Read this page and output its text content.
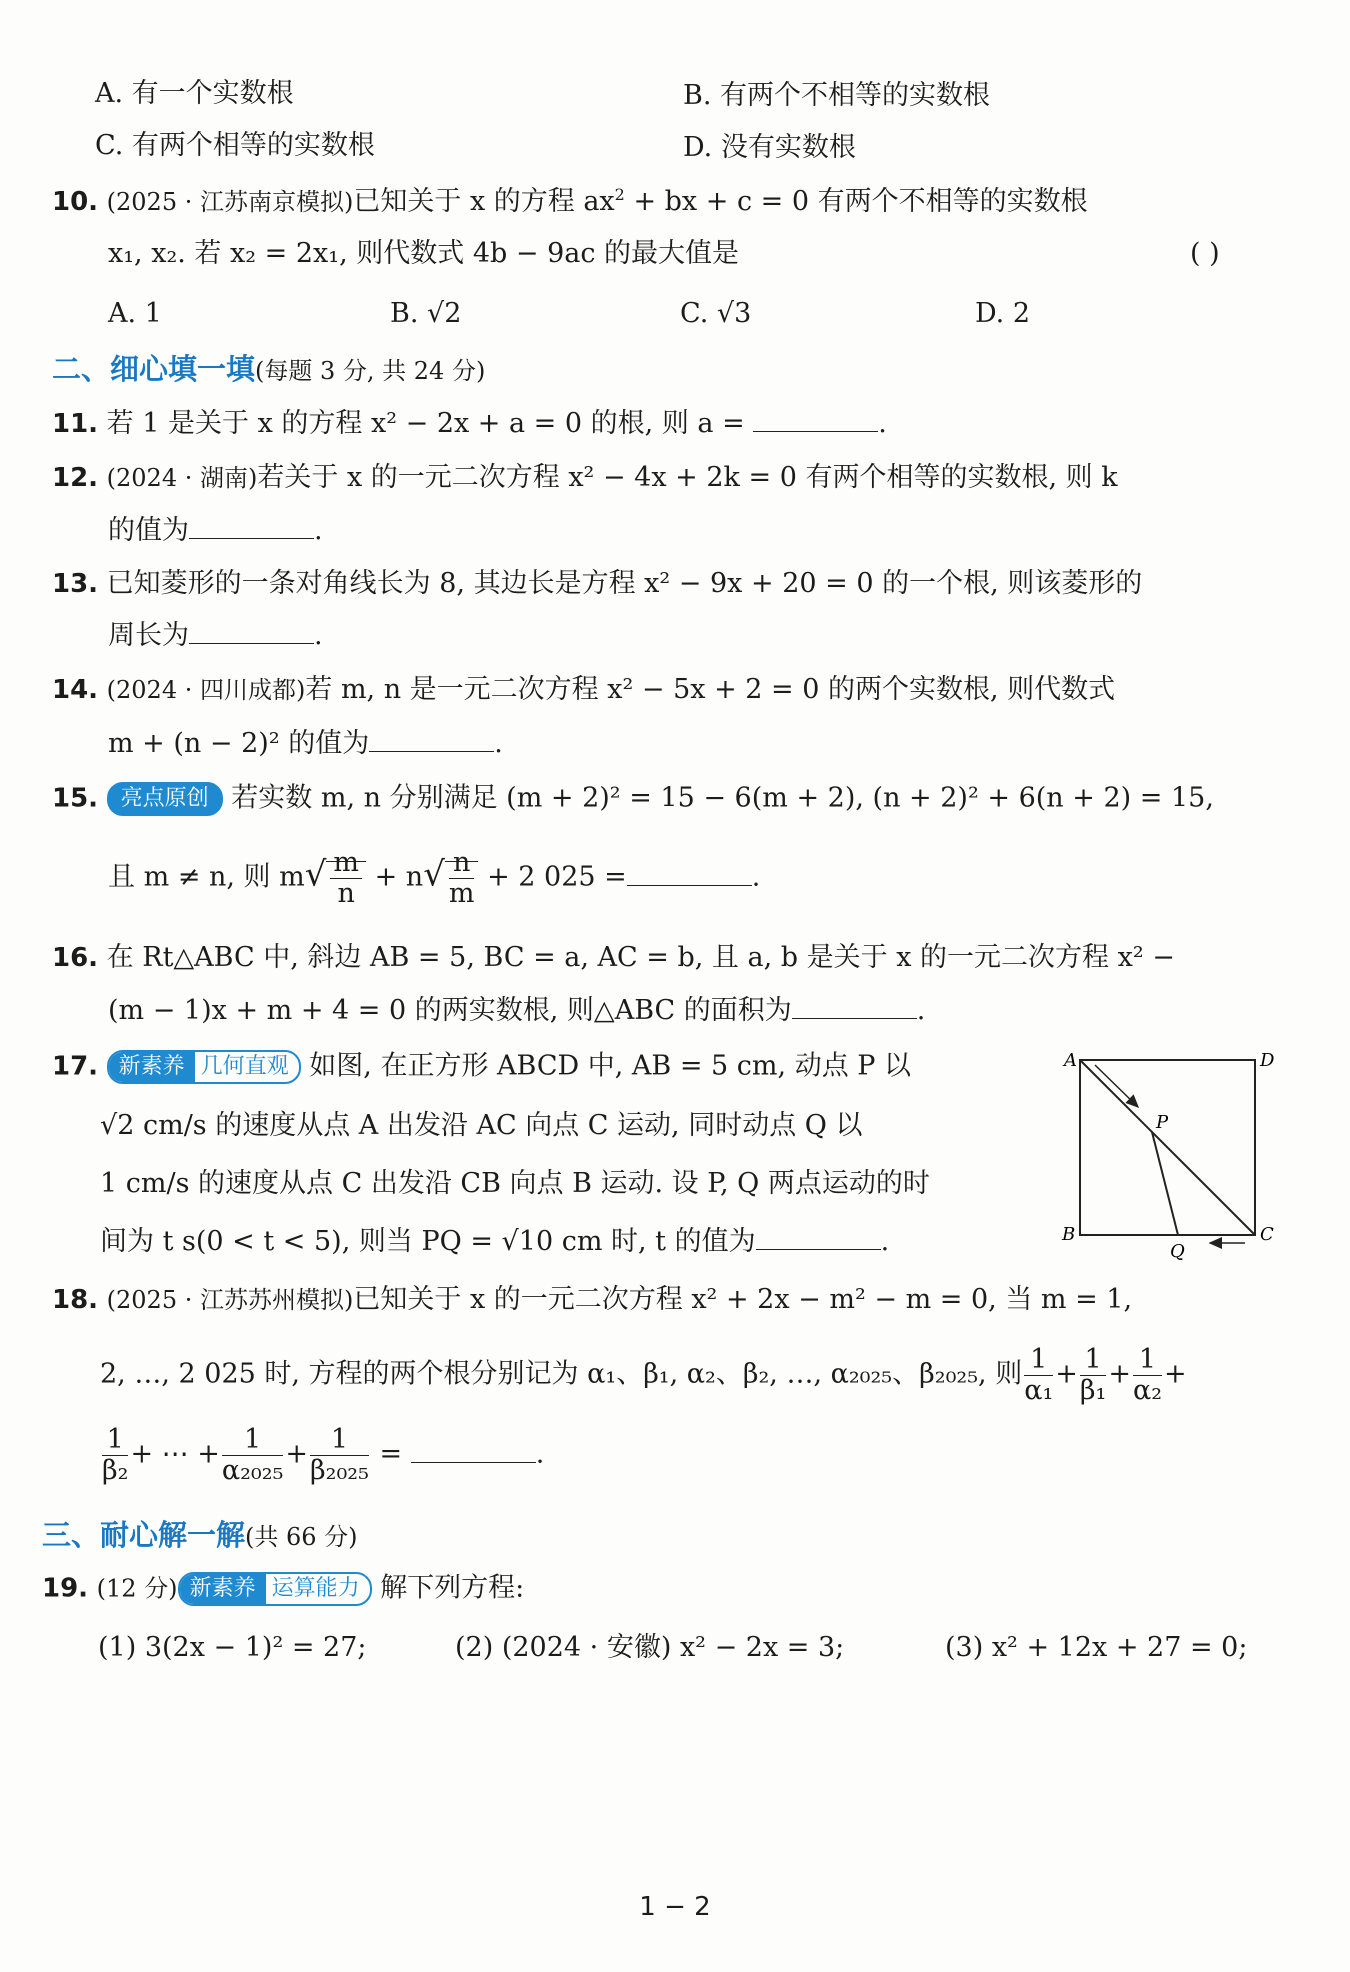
A. 有一个实数根	B. 有两个不相等的实数根
C. 有两个相等的实数根	D. 没有实数根
10. (2025 · 江苏南京模拟)已知关于 x 的方程 $ax^2$ + bx + c = 0 有两个不相等的实数根
x₁, x₂. 若 x₂ = 2x₁, 则代数式 4b − 9ac 的最大值是	( )
A. 1	B. √2	C. √3	D. 2
二、细心填一填(每题 3 分, 共 24 分)
11. 若 1 是关于 x 的方程 x² − 2x + a = 0 的根, 则 a =	.
12. (2024 · 湖南)若关于 x 的一元二次方程 x² − 4x + 2k = 0 有两个相等的实数根, 则 k
的值为	.
13. 已知菱形的一条对角线长为 8, 其边长是方程 x² − 9x + 20 = 0 的一个根, 则该菱形的
周长为	.
14. (2024 · 四川成都)若 m, n 是一元二次方程 x² − 5x + 2 = 0 的两个实数根, 则代数式
m + (n − 2)² 的值为	.
15. 亮点原创 若实数 m, n 分别满足 (m + 2)² = 15 − 6(m + 2), (n + 2)² + 6(n + 2) = 15,
且 m ≠ n, 则 $m√ \frac{m}{n} + n√ \frac{n}{m} + 2$ 025 =	.
16. 在 Rt△ABC 中, 斜边 AB = 5, BC = a, AC = b, 且 a, b 是关于 x 的一元二次方程 x² −
(m − 1)x + m + 4 = 0 的两实数根, 则△ABC 的面积为	.
17. 新素养 几何直观 如图, 在正方形 ABCD 中, AB = 5 cm, 动点 P 以
√2 cm/s 的速度从点 A 出发沿 AC 向点 C 运动, 同时动点 Q 以
1 cm/s 的速度从点 C 出发沿 CB 向点 B 运动. 设 P, Q 两点运动的时
间为 t s(0 < t < 5), 则当 PQ = √10 cm 时, t 的值为	.
A	D
B	C
P
Q
18. (2025 · 江苏苏州模拟)已知关于 x 的一元二次方程 x² + 2x − m² − m = 0, 当 m = 1,
2, …, 2 025 时, 方程的两个根分别记为 α₁、β₁, α₂、β₂, …, α₂₀₂₅、β₂₀₂₅, 则 $\frac{1}{\text{α₁}} + \frac{1}{\text{β₁}} + \frac{1}{\text{α₂}}$ +
$\frac{1}{\text{β₂}}$ + ⋯ + $\frac{1}{\text{α₂₀₂₅}} + \frac{1}{\text{β₂₀₂₅}}$ =	.
三、耐心解一解(共 66 分)
19. (12 分) 新素养 运算能力 解下列方程:
(1) 3(2x − 1)² = 27;	(2) (2024 · 安徽) x² − 2x = 3;	(3) x² + 12x + 27 = 0;
1 − 2
